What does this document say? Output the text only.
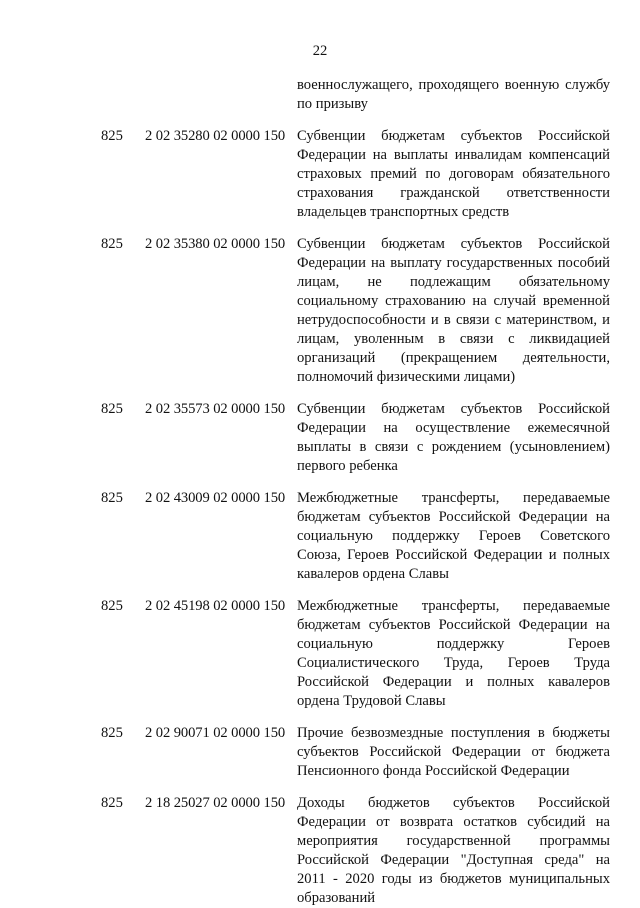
22
военнослужащего, проходящего военную службу по призыву
825 2 02 35280 02 0000 150 Субвенции бюджетам субъектов Российской Федерации на выплаты инвалидам компенсаций страховых премий по договорам обязательного страхования гражданской ответственности владельцев транспортных средств
825 2 02 35380 02 0000 150 Субвенции бюджетам субъектов Российской Федерации на выплату государственных пособий лицам, не подлежащим обязательному социальному страхованию на случай временной нетрудоспособности и в связи с материнством, и лицам, уволенным в связи с ликвидацией организаций (прекращением деятельности, полномочий физическими лицами)
825 2 02 35573 02 0000 150 Субвенции бюджетам субъектов Российской Федерации на осуществление ежемесячной выплаты в связи с рождением (усыновлением) первого ребенка
825 2 02 43009 02 0000 150 Межбюджетные трансферты, передаваемые бюджетам субъектов Российской Федерации на социальную поддержку Героев Советского Союза, Героев Российской Федерации и полных кавалеров ордена Славы
825 2 02 45198 02 0000 150 Межбюджетные трансферты, передаваемые бюджетам субъектов Российской Федерации на социальную поддержку Героев Социалистического Труда, Героев Труда Российской Федерации и полных кавалеров ордена Трудовой Славы
825 2 02 90071 02 0000 150 Прочие безвозмездные поступления в бюджеты субъектов Российской Федерации от бюджета Пенсионного фонда Российской Федерации
825 2 18 25027 02 0000 150 Доходы бюджетов субъектов Российской Федерации от возврата остатков субсидий на мероприятия государственной программы Российской Федерации "Доступная среда" на 2011 - 2020 годы из бюджетов муниципальных образований
